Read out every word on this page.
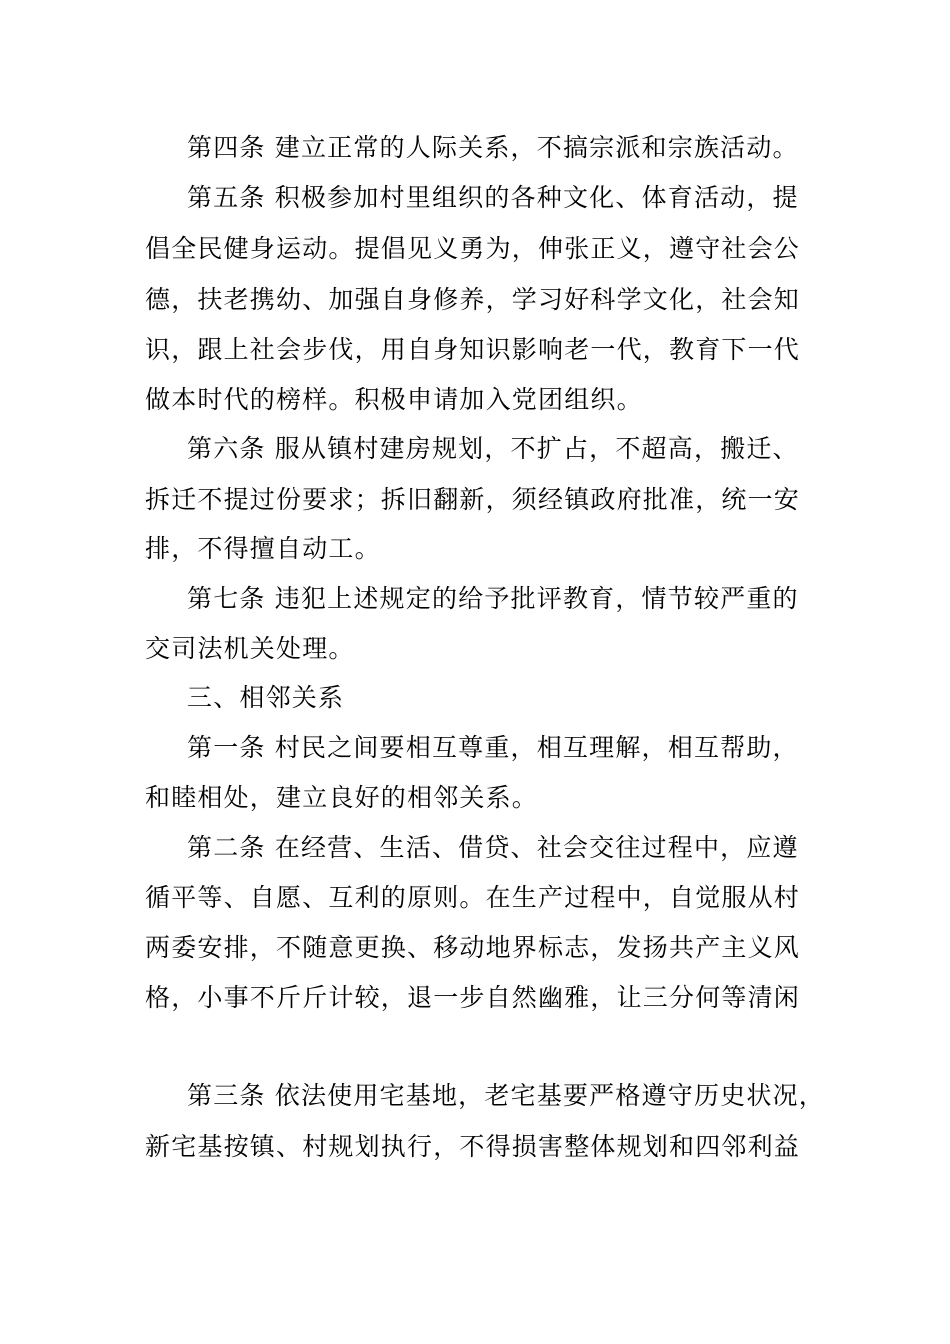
第四条 建立正常的人际关系，不搞宗派和宗族活动。
第五条 积极参加村里组织的各种文化、体育活动，提
倡全民健身运动。提倡见义勇为，伸张正义，遵守社会公
德，扶老携幼、加强自身修养，学习好科学文化，社会知
识，跟上社会步伐，用自身知识影响老一代，教育下一代
做本时代的榜样。积极申请加入党团组织。
第六条 服从镇村建房规划，不扩占，不超高，搬迁、
拆迁不提过份要求；拆旧翻新，须经镇政府批准，统一安
排，不得擅自动工。
第七条 违犯上述规定的给予批评教育，情节较严重的
交司法机关处理。
三、相邻关系
第一条 村民之间要相互尊重，相互理解，相互帮助，
和睦相处，建立良好的相邻关系。
第二条 在经营、生活、借贷、社会交往过程中，应遵
循平等、自愿、互利的原则。在生产过程中，自觉服从村
两委安排，不随意更换、移动地界标志，发扬共产主义风
格，小事不斤斤计较，退一步自然幽雅，让三分何等清闲
第三条 依法使用宅基地，老宅基要严格遵守历史状况，
新宅基按镇、村规划执行，不得损害整体规划和四邻利益
